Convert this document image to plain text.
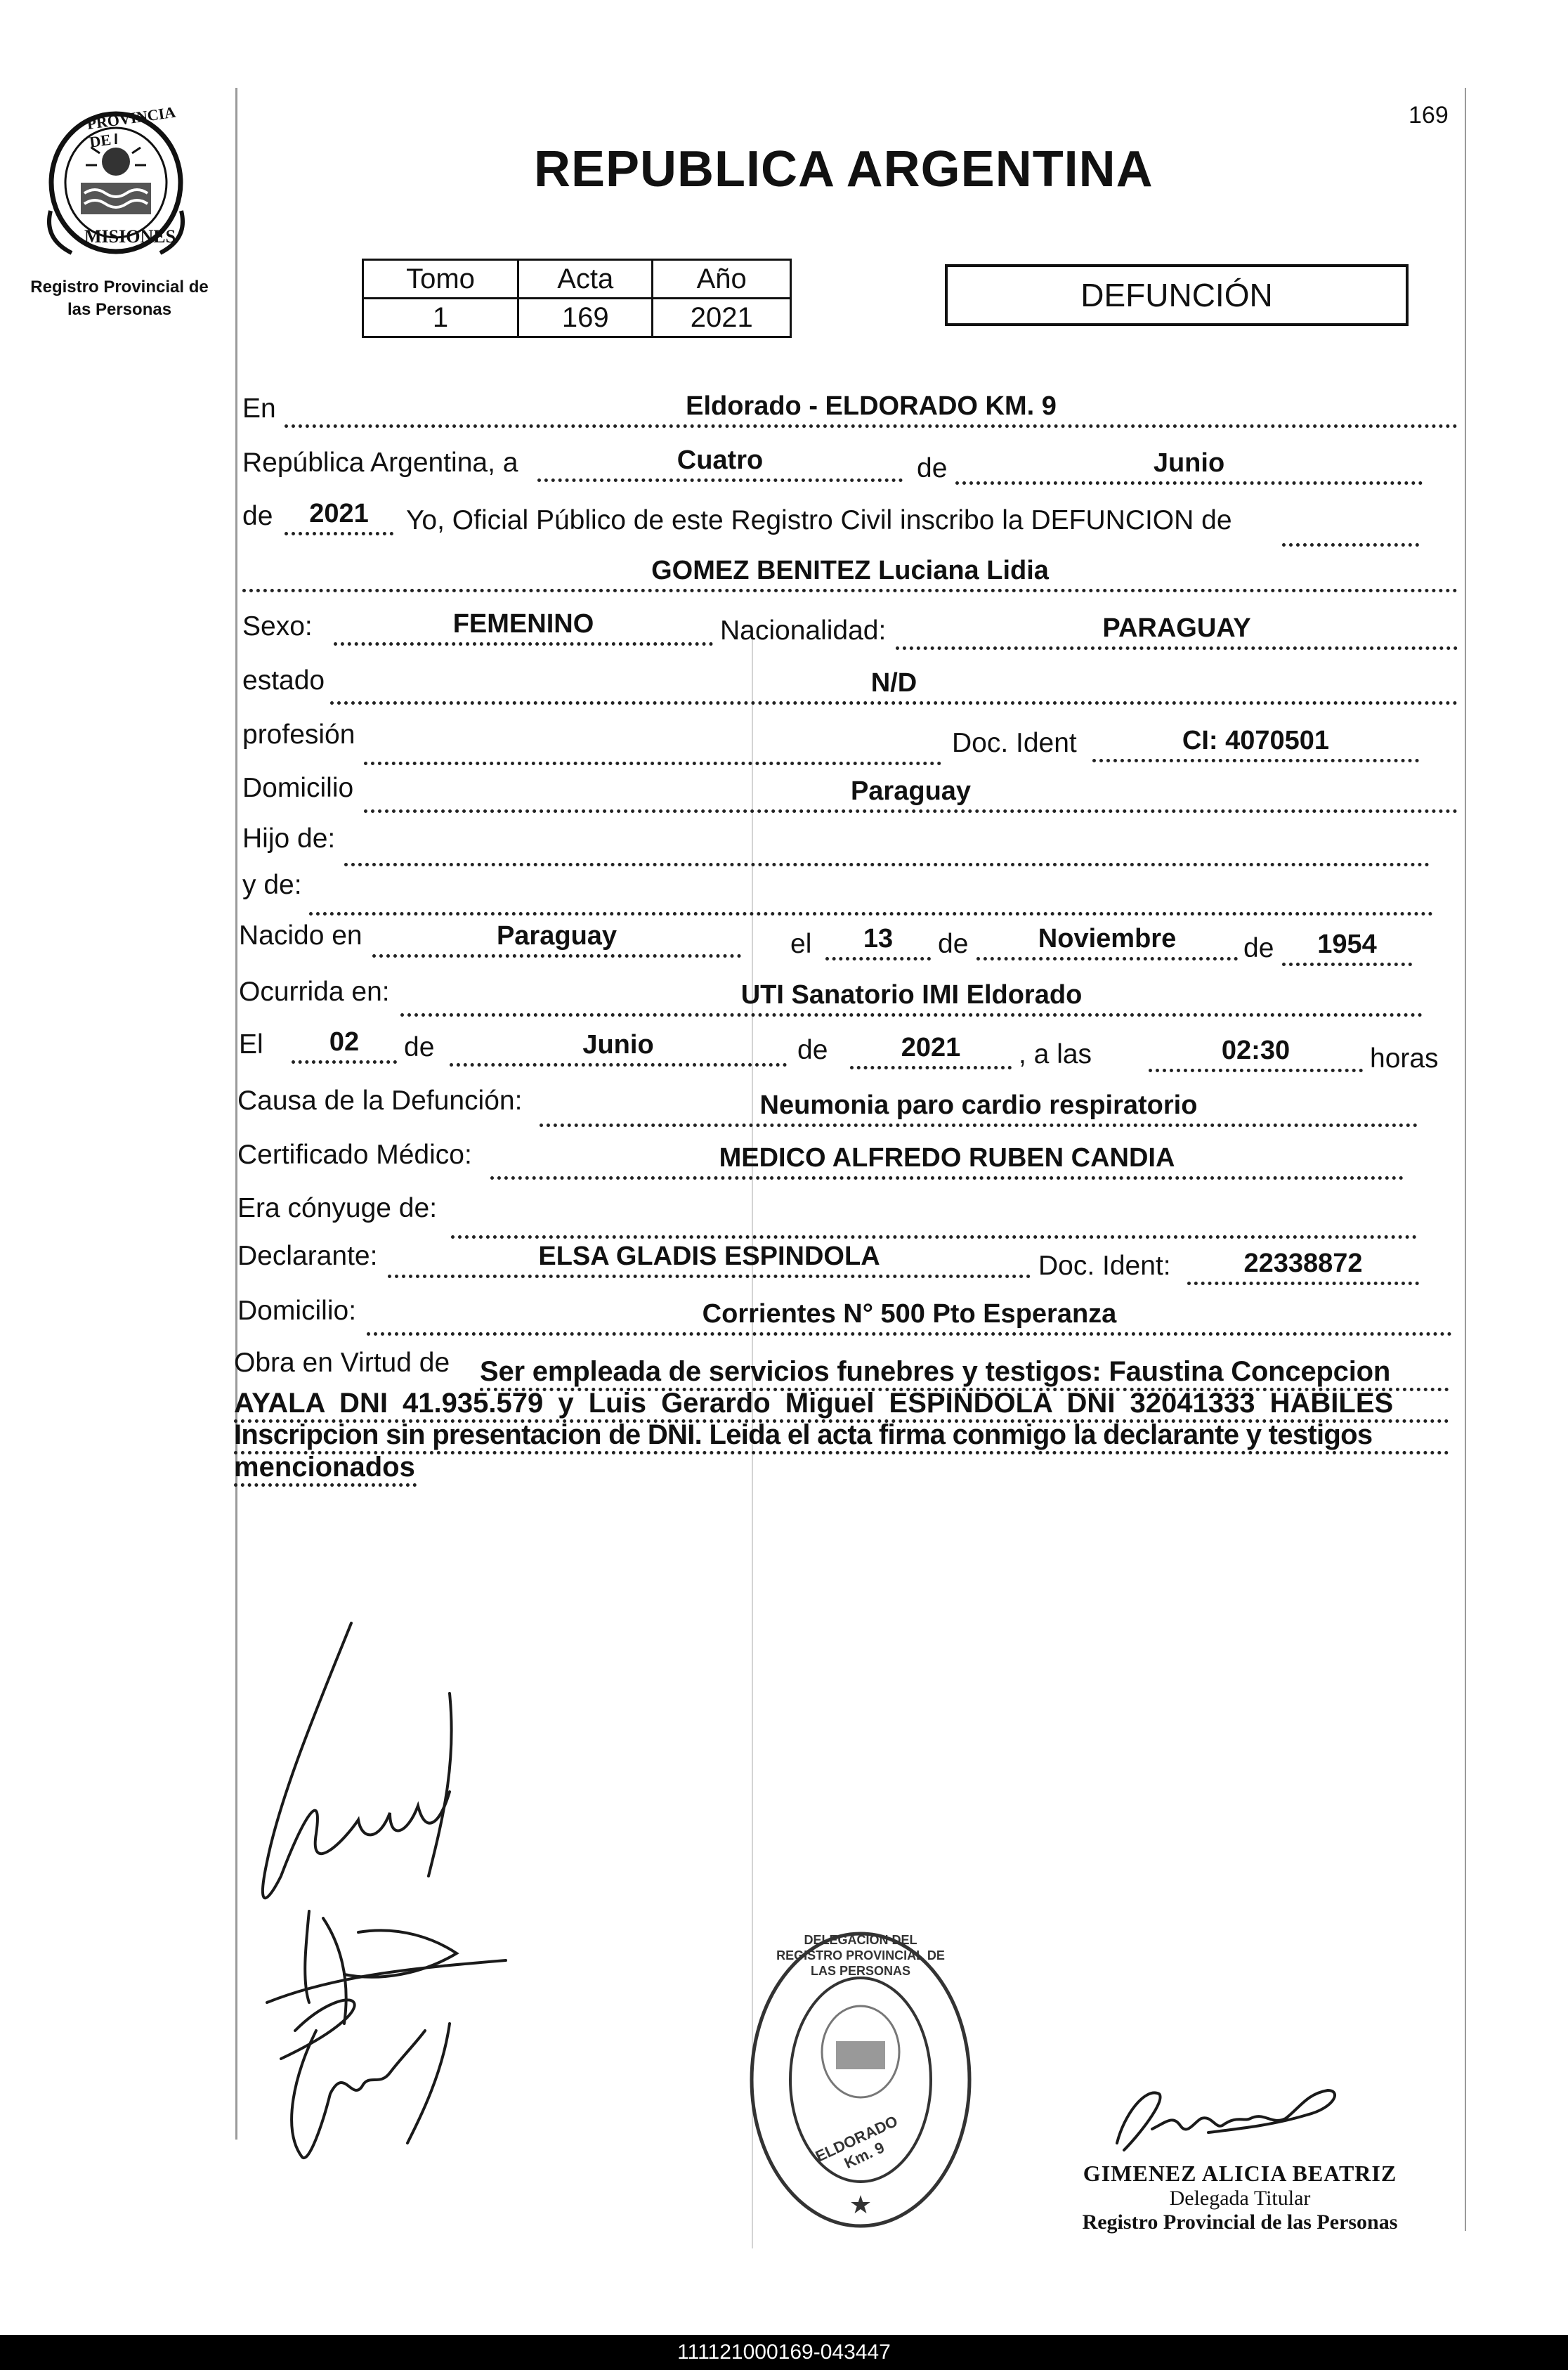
PROVINCIA DE
MISIONES
Registro Provincial de
las Personas
169
REPUBLICA ARGENTINA
Tomo	Acta	Año
1	169	2021
DEFUNCIÓN
En	Eldorado - ELDORADO KM. 9
República Argentina, a	Cuatro	de	Junio
de	2021	Yo, Oficial Público de este Registro Civil inscribo la DEFUNCION de
GOMEZ BENITEZ Luciana Lidia
Sexo:	FEMENINO	Nacionalidad:	PARAGUAY
estado	N/D
profesión	Doc. Ident	CI: 4070501
Domicilio	Paraguay
Hijo de:
y de:
Nacido en	Paraguay	el	13	de	Noviembre	de	1954
Ocurrida en:	UTI Sanatorio IMI Eldorado
El	02	de	Junio	de	2021	, a las	02:30	horas
Causa de la Defunción:	Neumonia paro cardio respiratorio
Certificado Médico:	MEDICO ALFREDO RUBEN CANDIA
Era cónyuge de:
Declarante:	ELSA GLADIS ESPINDOLA	Doc. Ident:	22338872
Domicilio:	Corrientes N° 500 Pto Esperanza
Obra en Virtud de Ser empleada de servicios funebres y testigos: Faustina Concepcion
AYALA DNI 41.935.579 y Luis Gerardo Miguel ESPINDOLA DNI 32041333 HABILES
Inscripcion sin presentacion de DNI. Leida el acta firma conmigo la declarante y testigos
mencionados
★
DELEGACION DEL REGISTRO PROVINCIAL DE LAS PERSONAS
ELDORADO Km. 9
GIMENEZ ALICIA BEATRIZ
Delegada Titular
Registro Provincial de las Personas
111121000169-043447
